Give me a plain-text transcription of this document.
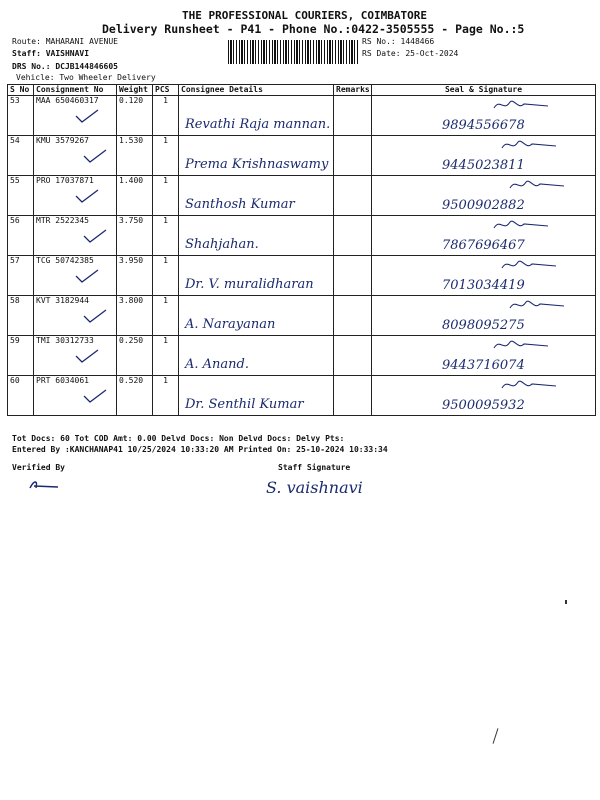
THE PROFESSIONAL COURIERS, COIMBATORE
Delivery Runsheet - P41 - Phone No.:0422-3505555 - Page No.:5
Route: MAHARANI AVENUE
Staff: VAISHNAVI
DRS No.: DCJB144846605
Vehicle: Two Wheeler Delivery
RS No.: 1448466
RS Date: 25-Oct-2024
S No	Consignment No	Weight	PCS	Consignee Details	Remarks	Seal & Signature
53	MAA 650460317	0.120	1	Revathi Raja mannan.		9894556678

54	KMU 3579267	1.530	1	Prema Krishnaswamy		9445023811

55	PRO 17037871	1.400	1	Santhosh Kumar		9500902882

56	MTR 2522345	3.750	1	Shahjahan.		7867696467

57	TCG 50742385	3.950	1	Dr. V. muralidharan		7013034419

58	KVT 3182944	3.800	1	A. Narayanan		8098095275

59	TMI 30312733	0.250	1	A. Anand.		9443716074

60	PRT 6034061	0.520	1	Dr. Senthil Kumar		9500095932
Tot Docs: 60 Tot COD Amt: 0.00 Delvd Docs: Non Delvd Docs: Delvy Pts:
Entered By :KANCHANAP41 10/25/2024 10:33:20 AM Printed On: 25-10-2024 10:33:34
Verified By	Staff Signature
S. vaishnavi
